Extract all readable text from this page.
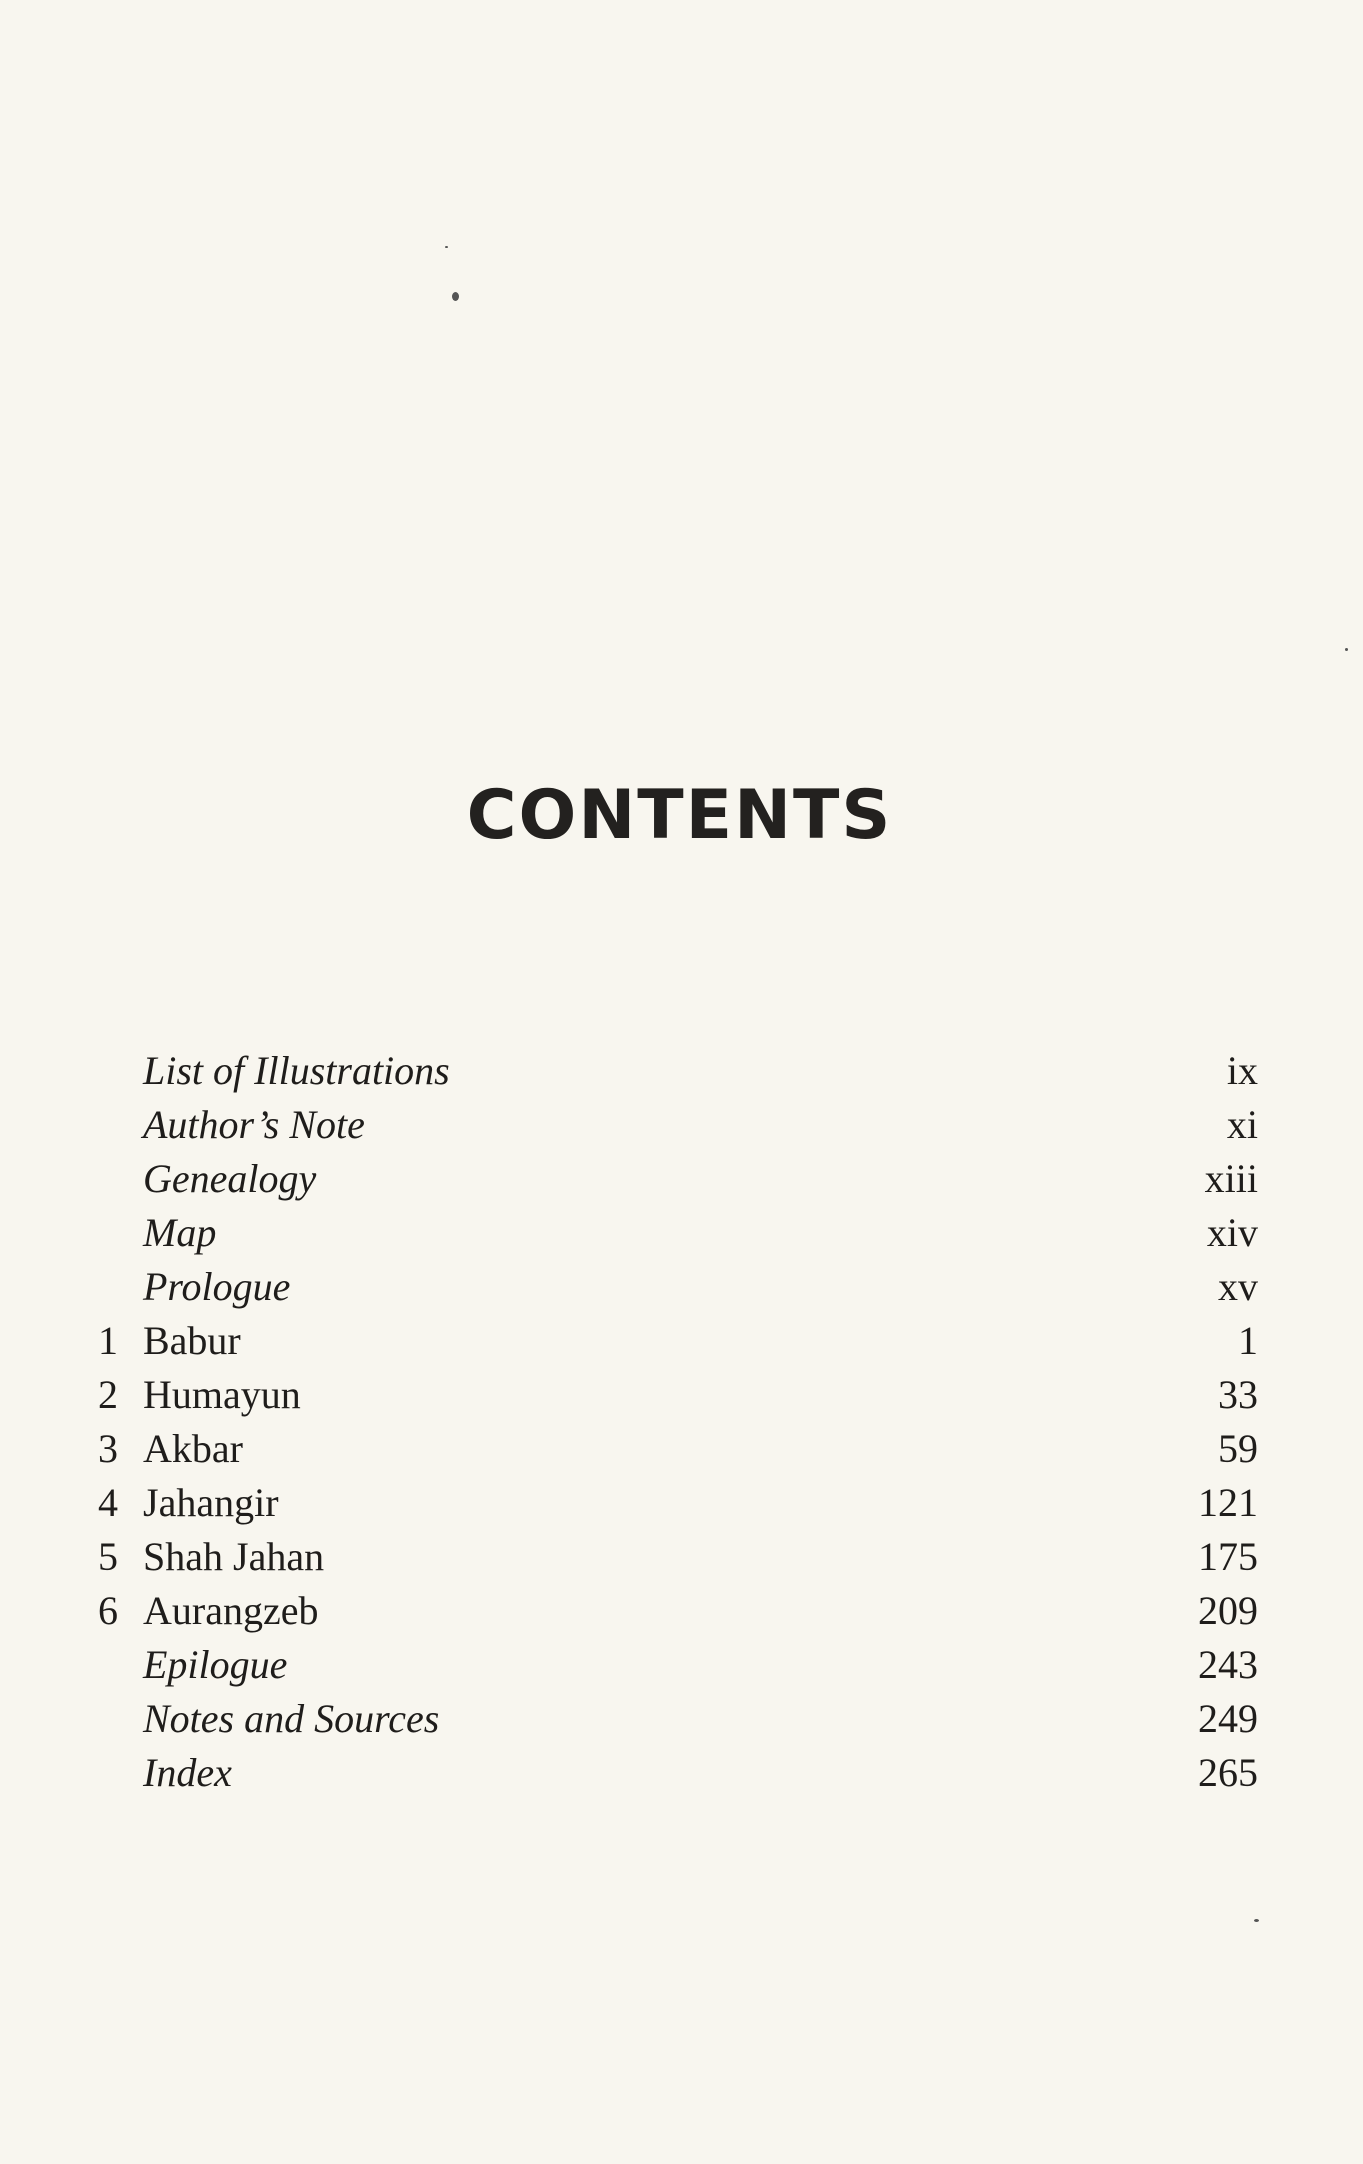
CONTENTS
List of Illustrations	ix
Author’s Note	xi
Genealogy	xiii
Map	xiv
Prologue	xv
1 Babur	1
2 Humayun	33
3 Akbar	59
4 Jahangir	121
5 Shah Jahan	175
6 Aurangzeb	209
Epilogue	243
Notes and Sources	249
Index	265
